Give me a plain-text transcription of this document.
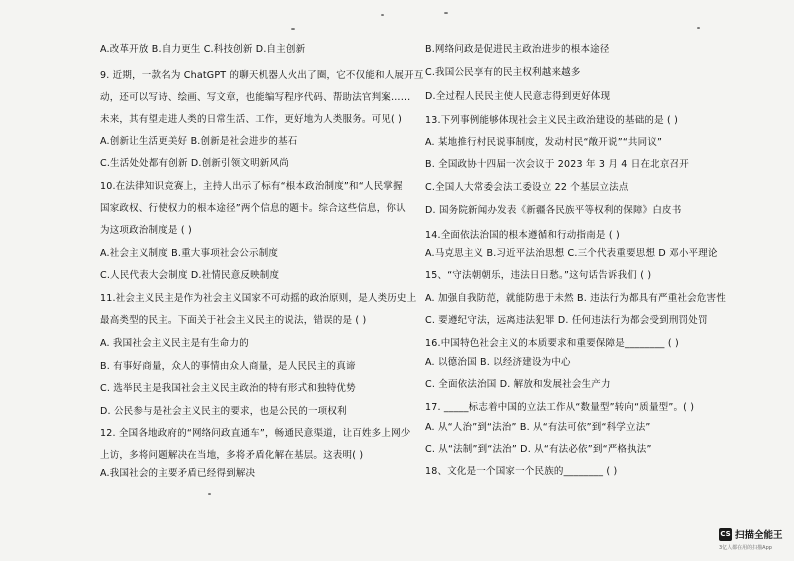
A.改革开放 B.自力更生 C.科技创新 D.自主创新
9. 近期，一款名为 ChatGPT 的聊天机器人火出了圈，它不仅能和人展开互
动，还可以写诗、绘画、写文章，也能编写程序代码、帮助法官判案……
未来，其有望走进人类的日常生活、工作，更好地为人类服务。可见( )
A.创新让生活更美好 B.创新是社会进步的基石
C.生活处处都有创新 D.创新引领文明新风尚
10.在法律知识竞赛上，主持人出示了标有“根本政治制度”和“人民掌握
国家政权、行使权力的根本途径”两个信息的题卡。综合这些信息，你认
为这项政治制度是 ( )
A.社会主义制度 B.重大事项社会公示制度
C.人民代表大会制度 D.社情民意反映制度
11.社会主义民主是作为社会主义国家不可动摇的政治原则，是人类历史上
最高类型的民主。下面关于社会主义民主的说法，错误的是 ( )
A. 我国社会主义民主是有生命力的
B. 有事好商量，众人的事情由众人商量，是人民民主的真谛
C. 选举民主是我国社会主义民主政治的特有形式和独特优势
D. 公民参与是社会主义民主的要求，也是公民的一项权利
12. 全国各地政府的“网络问政直通车”，畅通民意渠道，让百姓多上网少
上访，多将问题解决在当地，多将矛盾化解在基层。这表明( )
A.我国社会的主要矛盾已经得到解决
B.网络问政是促进民主政治进步的根本途径
C.我国公民享有的民主权利越来越多
D.全过程人民民主使人民意志得到更好体现
13.下列事例能够体现社会主义民主政治建设的基础的是 ( )
A. 某地推行村民说事制度，发动村民“敞开说”“共同议”
B. 全国政协十四届一次会议于 2023 年 3 月 4 日在北京召开
C.全国人大常委会法工委设立 22 个基层立法点
D. 国务院新闻办发表《新疆各民族平等权利的保障》白皮书
14.全面依法治国的根本遵循和行动指南是 ( )
A.马克思主义 B.习近平法治思想 C.三个代表重要思想 D 邓小平理论
15、“守法朝朝乐，违法日日愁。”这句话告诉我们 ( )
A. 加强自我防范，就能防患于未然 B. 违法行为都具有严重社会危害性
C. 要遵纪守法，远离违法犯罪 D. 任何违法行为都会受到刑罚处罚
16.中国特色社会主义的本质要求和重要保障是________ ( )
A. 以德治国 B. 以经济建设为中心
C. 全面依法治国 D. 解放和发展社会生产力
17. _____标志着中国的立法工作从“数量型”转向“质量型”。( )
A. 从“人治”到“法治” B. 从“有法可依”到“科学立法”
C. 从“法制”到“法治” D. 从“有法必依”到“严格执法”
18、文化是一个国家一个民族的________ ( )
CS 扫描全能王
3亿人都在用的扫描App
